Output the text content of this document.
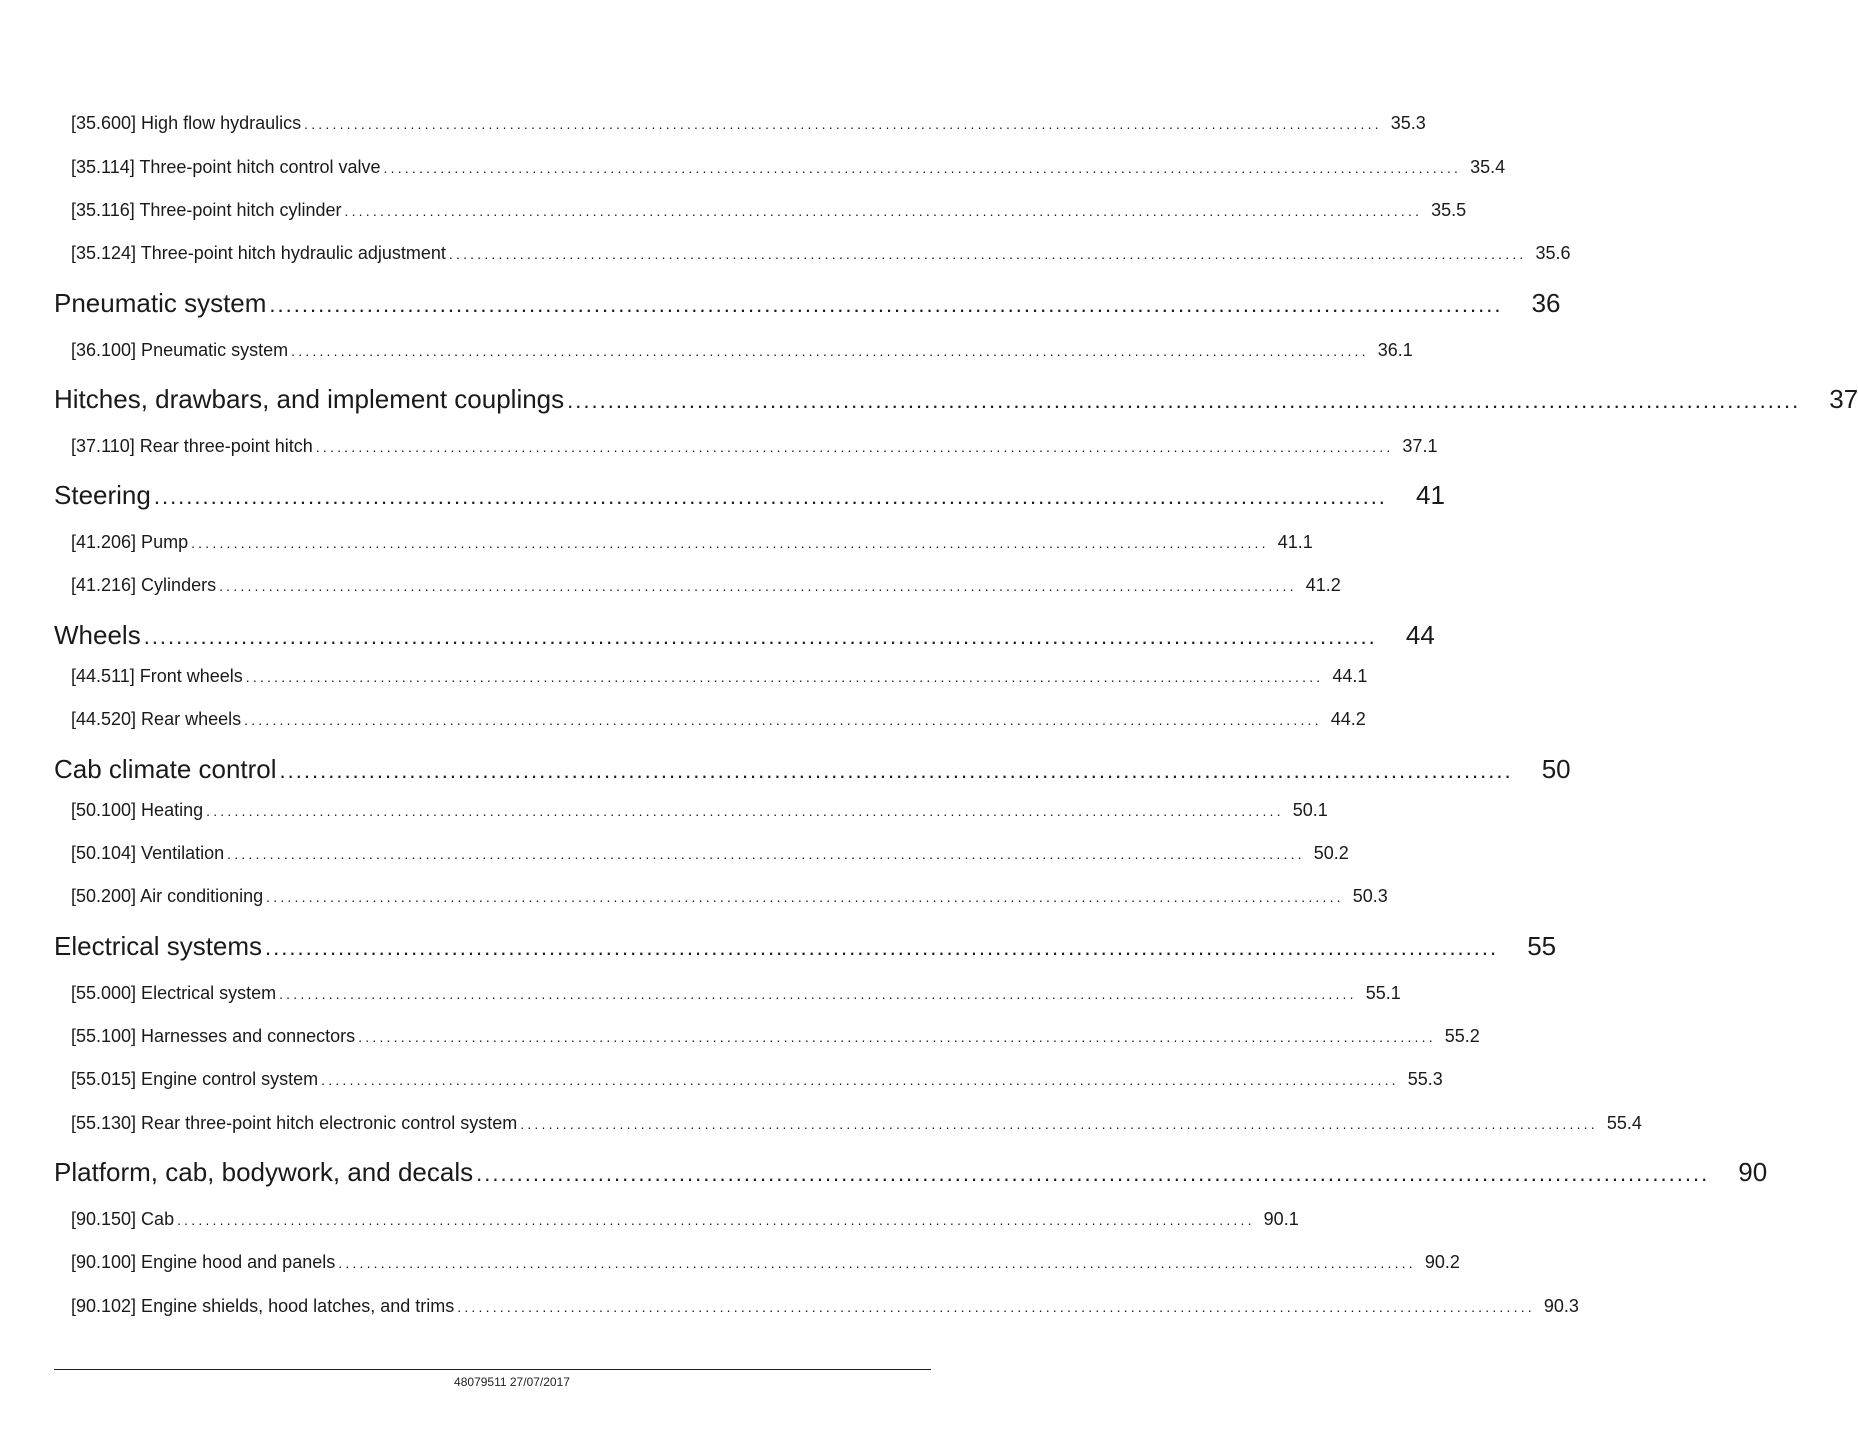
[35.600] High flow hydraulics ........................................................................................................................................................ 35.3
[35.114] Three-point hitch control valve ........................................................................................................................................................ 35.4
[35.116] Three-point hitch cylinder ........................................................................................................................................................ 35.5
[35.124] Three-point hitch hydraulic adjustment ........................................................................................................................................................ 35.6
Pneumatic system ........................................................................................................................................................	36
[36.100] Pneumatic system ........................................................................................................................................................ 36.1
Hitches, drawbars, and implement couplings ........................................................................................................................................................	37
[37.110] Rear three-point hitch ........................................................................................................................................................ 37.1
Steering ........................................................................................................................................................	41
[41.206] Pump ........................................................................................................................................................ 41.1
[41.216] Cylinders ........................................................................................................................................................ 41.2
Wheels ........................................................................................................................................................	44
[44.511] Front wheels ........................................................................................................................................................ 44.1
[44.520] Rear wheels ........................................................................................................................................................ 44.2
Cab climate control ........................................................................................................................................................	50
[50.100] Heating ........................................................................................................................................................ 50.1
[50.104] Ventilation ........................................................................................................................................................ 50.2
[50.200] Air conditioning ........................................................................................................................................................ 50.3
Electrical systems ........................................................................................................................................................	55
[55.000] Electrical system ........................................................................................................................................................ 55.1
[55.100] Harnesses and connectors ........................................................................................................................................................ 55.2
[55.015] Engine control system ........................................................................................................................................................ 55.3
[55.130] Rear three-point hitch electronic control system ........................................................................................................................................................ 55.4
Platform, cab, bodywork, and decals ........................................................................................................................................................	90
[90.150] Cab ........................................................................................................................................................ 90.1
[90.100] Engine hood and panels ........................................................................................................................................................ 90.2
[90.102] Engine shields, hood latches, and trims ........................................................................................................................................................ 90.3
48079511 27/07/2017
